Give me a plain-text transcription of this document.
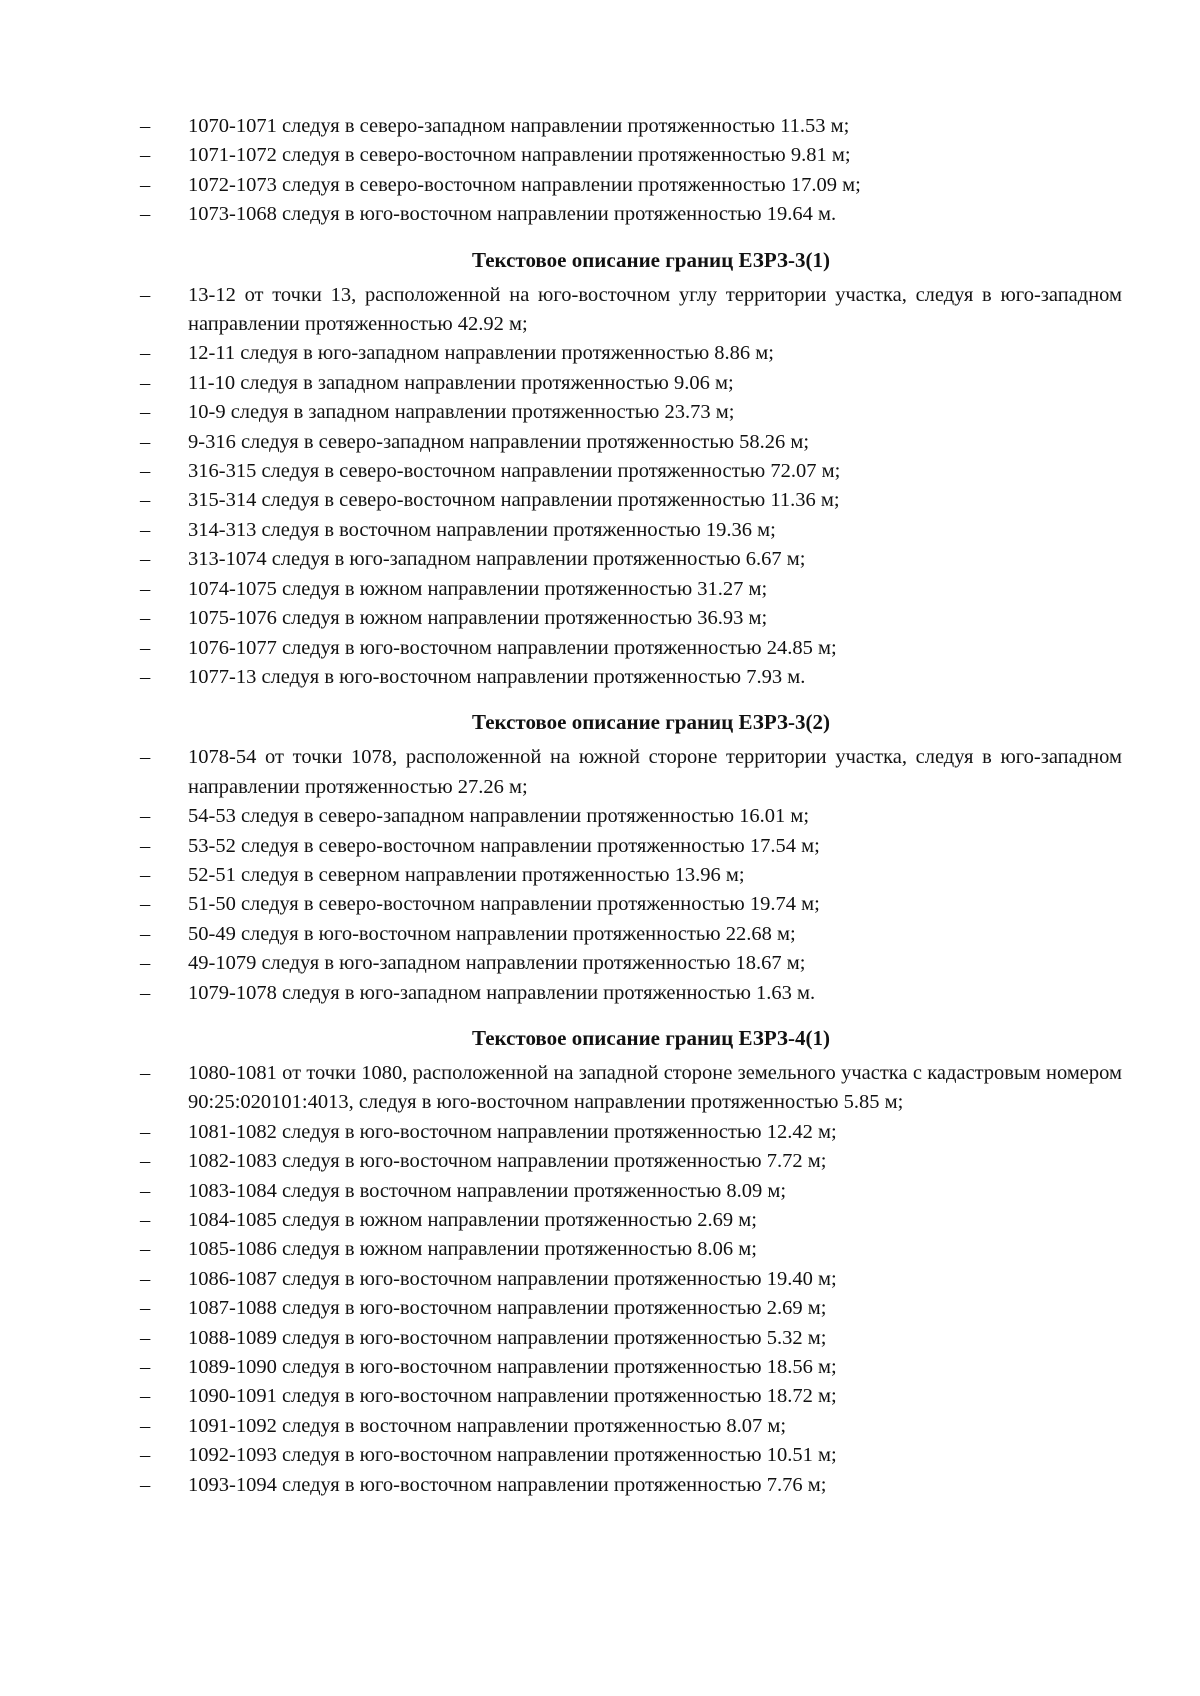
–	1070-1071 следуя в северо-западном направлении протяженностью 11.53 м;
–	1071-1072 следуя в северо-восточном направлении протяженностью 9.81 м;
–	1072-1073 следуя в северо-восточном направлении протяженностью 17.09 м;
–	1073-1068 следуя в юго-восточном направлении протяженностью 19.64 м.
Текстовое описание границ ЕЗРЗ-3(1)
–	13-12 от точки 13, расположенной на юго-восточном углу территории участка, следуя в юго-западном направлении протяженностью 42.92 м;
–	12-11 следуя в юго-западном направлении протяженностью 8.86 м;
–	11-10 следуя в западном направлении протяженностью 9.06 м;
–	10-9 следуя в западном направлении протяженностью 23.73 м;
–	9-316 следуя в северо-западном направлении протяженностью 58.26 м;
–	316-315 следуя в северо-восточном направлении протяженностью 72.07 м;
–	315-314 следуя в северо-восточном направлении протяженностью 11.36 м;
–	314-313 следуя в восточном направлении протяженностью 19.36 м;
–	313-1074 следуя в юго-западном направлении протяженностью 6.67 м;
–	1074-1075 следуя в южном направлении протяженностью 31.27 м;
–	1075-1076 следуя в южном направлении протяженностью 36.93 м;
–	1076-1077 следуя в юго-восточном направлении протяженностью 24.85 м;
–	1077-13 следуя в юго-восточном направлении протяженностью 7.93 м.
Текстовое описание границ ЕЗРЗ-3(2)
–	1078-54 от точки 1078, расположенной на южной стороне территории участка, следуя в юго-западном направлении протяженностью 27.26 м;
–	54-53 следуя в северо-западном направлении протяженностью 16.01 м;
–	53-52 следуя в северо-восточном направлении протяженностью 17.54 м;
–	52-51 следуя в северном направлении протяженностью 13.96 м;
–	51-50 следуя в северо-восточном направлении протяженностью 19.74 м;
–	50-49 следуя в юго-восточном направлении протяженностью 22.68 м;
–	49-1079 следуя в юго-западном направлении протяженностью 18.67 м;
–	1079-1078 следуя в юго-западном направлении протяженностью 1.63 м.
Текстовое описание границ ЕЗРЗ-4(1)
–	1080-1081 от точки 1080, расположенной на западной стороне земельного участка с кадастровым номером 90:25:020101:4013, следуя в юго-восточном направлении протяженностью 5.85 м;
–	1081-1082 следуя в юго-восточном направлении протяженностью 12.42 м;
–	1082-1083 следуя в юго-восточном направлении протяженностью 7.72 м;
–	1083-1084 следуя в восточном направлении протяженностью 8.09 м;
–	1084-1085 следуя в южном направлении протяженностью 2.69 м;
–	1085-1086 следуя в южном направлении протяженностью 8.06 м;
–	1086-1087 следуя в юго-восточном направлении протяженностью 19.40 м;
–	1087-1088 следуя в юго-восточном направлении протяженностью 2.69 м;
–	1088-1089 следуя в юго-восточном направлении протяженностью 5.32 м;
–	1089-1090 следуя в юго-восточном направлении протяженностью 18.56 м;
–	1090-1091 следуя в юго-восточном направлении протяженностью 18.72 м;
–	1091-1092 следуя в восточном направлении протяженностью 8.07 м;
–	1092-1093 следуя в юго-восточном направлении протяженностью 10.51 м;
–	1093-1094 следуя в юго-восточном направлении протяженностью 7.76 м;
